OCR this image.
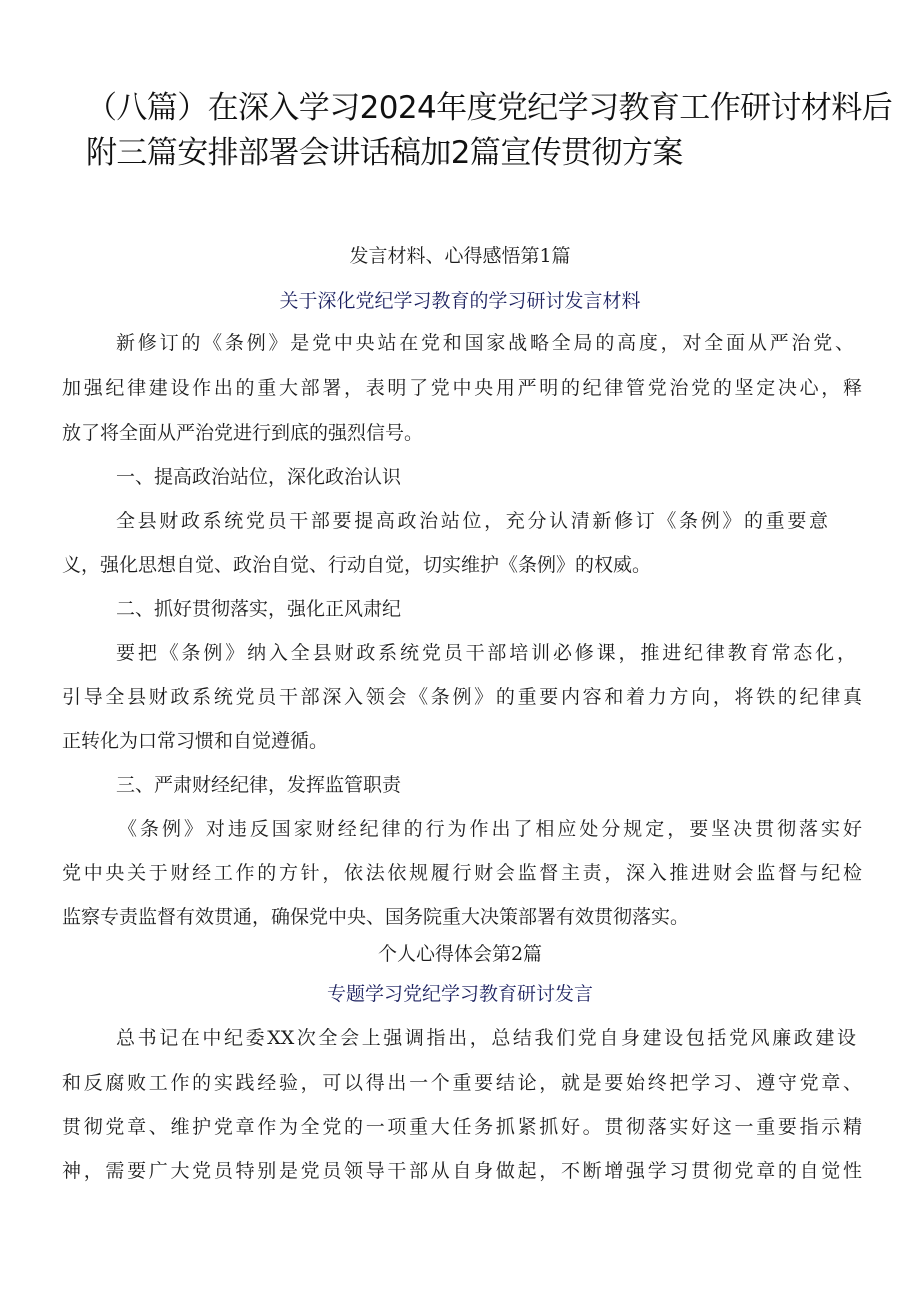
（八篇）在深入学习2024年度党纪学习教育工作研讨材料后
附三篇安排部署会讲话稿加2篇宣传贯彻方案
发言材料、心得感悟第1篇
关于深化党纪学习教育的学习研讨发言材料
新修订的《条例》是党中央站在党和国家战略全局的高度，对全面从严治党、
加强纪律建设作出的重大部署，表明了党中央用严明的纪律管党治党的坚定决心，释
放了将全面从严治党进行到底的强烈信号。
一、提高政治站位，深化政治认识
全县财政系统党员干部要提高政治站位，充分认清新修订《条例》的重要意
义，强化思想自觉、政治自觉、行动自觉，切实维护《条例》的权威。
二、抓好贯彻落实，强化正风肃纪
要把《条例》纳入全县财政系统党员干部培训必修课，推进纪律教育常态化，
引导全县财政系统党员干部深入领会《条例》的重要内容和着力方向，将铁的纪律真
正转化为口常习惯和自觉遵循。
三、严肃财经纪律，发挥监管职责
《条例》对违反国家财经纪律的行为作出了相应处分规定，要坚决贯彻落实好
党中央关于财经工作的方针，依法依规履行财会监督主责，深入推进财会监督与纪检
监察专责监督有效贯通，确保党中央、国务院重大决策部署有效贯彻落实。
个人心得体会第2篇
专题学习党纪学习教育研讨发言
总书记在中纪委XX次全会上强调指出，总结我们党自身建设包括党风廉政建设
和反腐败工作的实践经验，可以得出一个重要结论，就是要始终把学习、遵守党章、
贯彻党章、维护党章作为全党的一项重大任务抓紧抓好。贯彻落实好这一重要指示精
神，需要广大党员特别是党员领导干部从自身做起，不断增强学习贯彻党章的自觉性
